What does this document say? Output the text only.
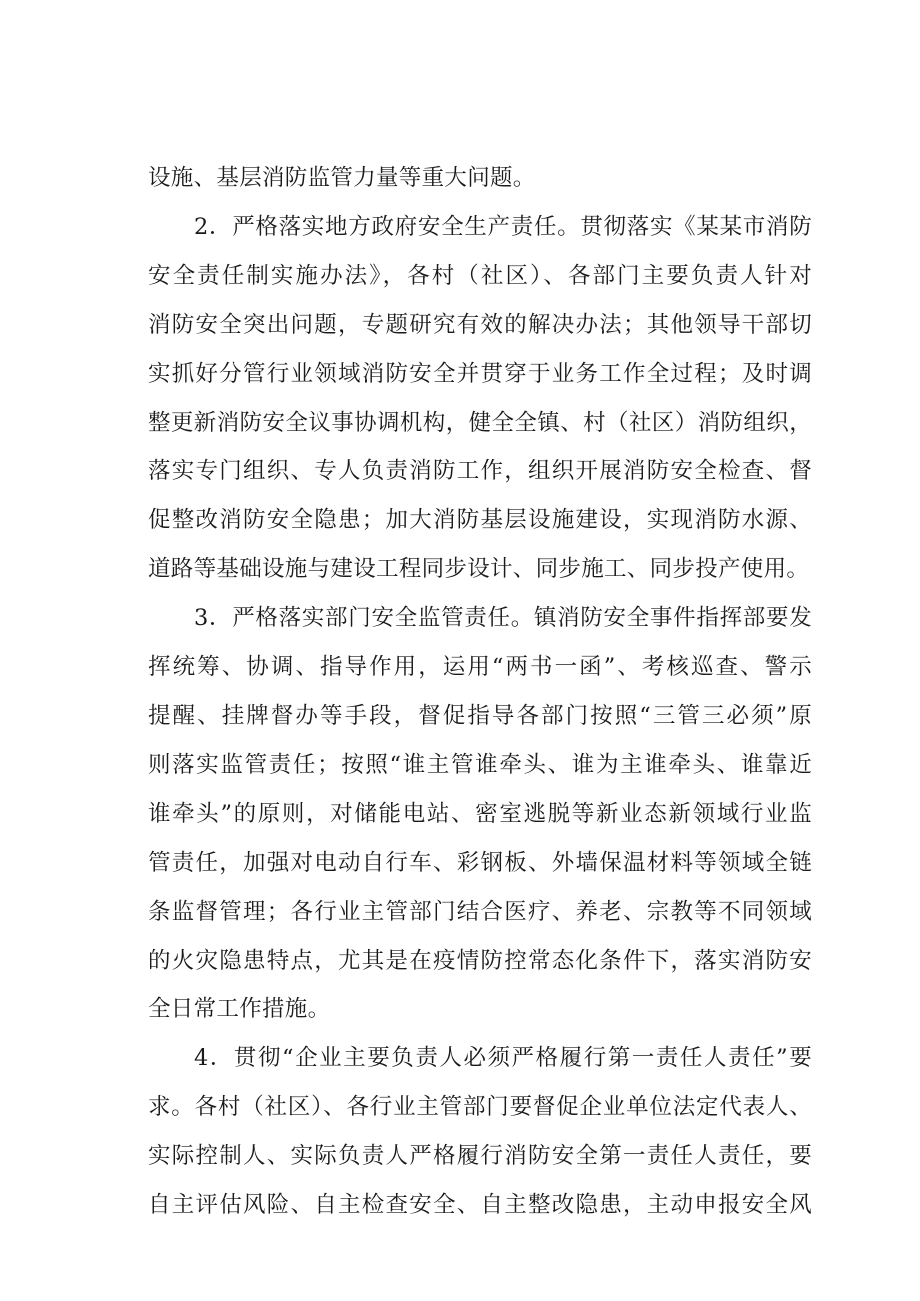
设施、基层消防监管力量等重大问题。
2．严格落实地方政府安全生产责任。贯彻落实《某某市消防
安全责任制实施办法》，各村（社区）、各部门主要负责人针对
消防安全突出问题，专题研究有效的解决办法；其他领导干部切
实抓好分管行业领域消防安全并贯穿于业务工作全过程；及时调
整更新消防安全议事协调机构，健全全镇、村（社区）消防组织，
落实专门组织、专人负责消防工作，组织开展消防安全检查、督
促整改消防安全隐患；加大消防基层设施建设，实现消防水源、
道路等基础设施与建设工程同步设计、同步施工、同步投产使用。
3．严格落实部门安全监管责任。镇消防安全事件指挥部要发
挥统筹、协调、指导作用，运用“两书一函”、考核巡查、警示
提醒、挂牌督办等手段，督促指导各部门按照“三管三必须”原
则落实监管责任；按照“谁主管谁牵头、谁为主谁牵头、谁靠近
谁牵头”的原则，对储能电站、密室逃脱等新业态新领域行业监
管责任，加强对电动自行车、彩钢板、外墙保温材料等领域全链
条监督管理；各行业主管部门结合医疗、养老、宗教等不同领域
的火灾隐患特点，尤其是在疫情防控常态化条件下，落实消防安
全日常工作措施。
4．贯彻“企业主要负责人必须严格履行第一责任人责任”要
求。各村（社区）、各行业主管部门要督促企业单位法定代表人、
实际控制人、实际负责人严格履行消防安全第一责任人责任，要
自主评估风险、自主检查安全、自主整改隐患，主动申报安全风
